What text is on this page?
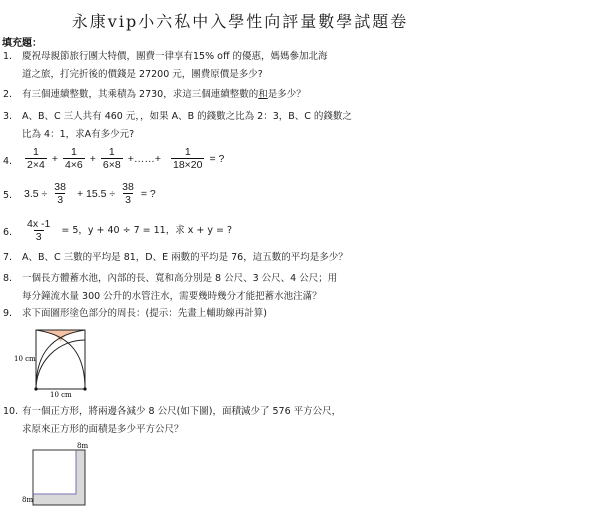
永康vip小六私中入學性向評量數學試題卷
填充題：
1.	慶祝母親節旅行團大特價，團費一律享有15% off 的優惠，媽媽參加北海
道之旅，打完折後的價錢是 27200 元，團費原價是多少?
2.	有三個連續整數，其乘積為 2730，求這三個連續整數的和是多少？
3.	A、B、C 三人共有 460 元，，如果 A、B 的錢數之比為 2：3，B、C 的錢數之
比為 4：1，求A有多少元?
4.	$\frac{1}{2\times 4} + \frac{1}{4\times 6} + \frac{1}{6\times 8}$ +……+ $\frac{1}{18\times 20}$ = ?
5.	$3.5 \div \frac{38}{3} + 15.5 \div \frac{38}{3}$ = ?
6.	$\frac{4x -1}{3} = 5$，y + 40 ÷ 7 = 11，求 x + y = ?
7.	A、B、C 三數的平均是 81，D、E 兩數的平均是 76，這五數的平均是多少？
8.	一個長方體蓄水池，內部的長、寬和高分別是 8 公尺、3 公尺、4 公尺；用
每分鐘流水量 300 公升的水管注水，需要幾時幾分才能把蓄水池注滿？
9.	求下面圖形塗色部分的周長：(提示：先畫上輔助線再計算)
10 cm
10 cm
10. 有一個正方形，將兩邊各減少 8 公尺(如下圖)，面積減少了 576 平方公尺，
求原來正方形的面積是多少平方公尺？
8m
8m
